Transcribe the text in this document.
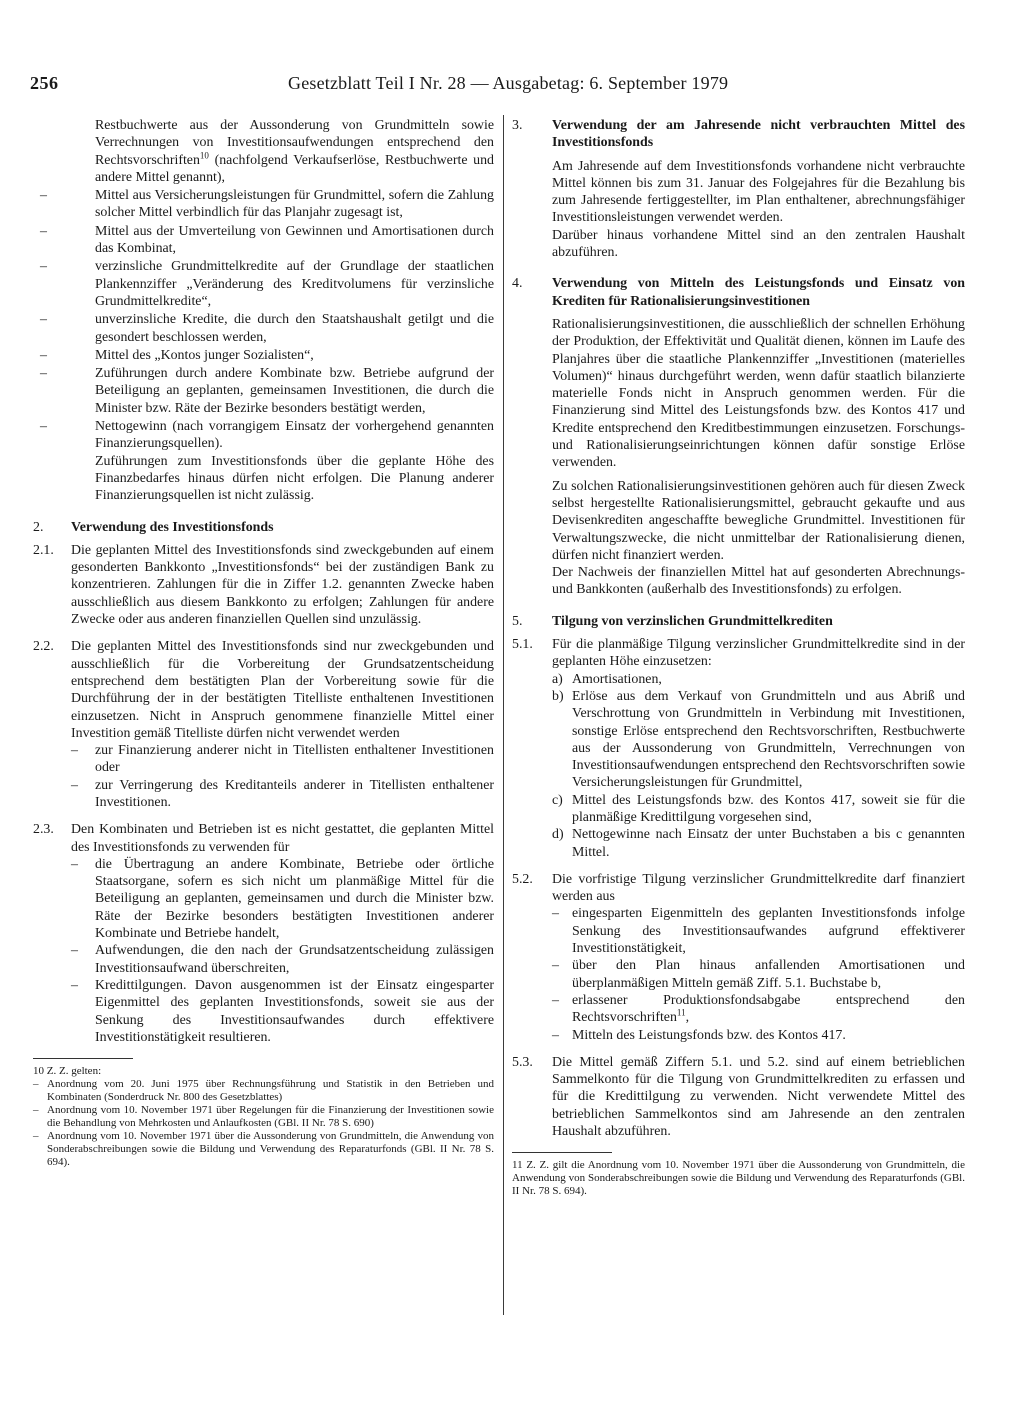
256	Gesetzblatt Teil I Nr. 28 — Ausgabetag: 6. September 1979

Restbuchwerte aus der Aussonderung von Grundmitteln sowie Verrechnungen von Investitionsaufwendungen entsprechend den Rechtsvorschriften$^{10}$ (nachfolgend Verkaufserlöse, Restbuchwerte und andere Mittel genannt),

–	Mittel aus Versicherungsleistungen für Grundmittel, sofern die Zahlung solcher Mittel verbindlich für das Planjahr zugesagt ist,
–	Mittel aus der Umverteilung von Gewinnen und Amortisationen durch das Kombinat,
–	verzinsliche Grundmittelkredite auf der Grundlage der staatlichen Plankennziffer „Veränderung des Kreditvolumens für verzinsliche Grundmittelkredite“,
–	unverzinsliche Kredite, die durch den Staatshaushalt getilgt und die gesondert beschlossen werden,
–	Mittel des „Kontos junger Sozialisten“,
–	Zuführungen durch andere Kombinate bzw. Betriebe aufgrund der Beteiligung an geplanten, gemeinsamen Investitionen, die durch die Minister bzw. Räte der Bezirke besonders bestätigt werden,
–	Nettogewinn (nach vorrangigem Einsatz der vorhergehend genannten Finanzierungsquellen).

Zuführungen zum Investitionsfonds über die geplante Höhe des Finanzbedarfes hinaus dürfen nicht erfolgen. Die Planung anderer Finanzierungsquellen ist nicht zulässig.

2. Verwendung des Investitionsfonds
2.1. Die geplanten Mittel des Investitionsfonds sind zweckgebunden auf einem gesonderten Bankkonto „Investitionsfonds“ bei der zuständigen Bank zu konzentrieren. Zahlungen für die in Ziffer 1.2. genannten Zwecke haben ausschließlich aus diesem Bankkonto zu erfolgen; Zahlungen für andere Zwecke oder aus anderen finanziellen Quellen sind unzulässig.
2.2. Die geplanten Mittel des Investitionsfonds sind nur zweckgebunden und ausschließlich für die Vorbereitung der Grundsatzentscheidung entsprechend dem bestätigten Plan der Vorbereitung sowie für die Durchführung der in der bestätigten Titelliste enthaltenen Investitionen einzusetzen. Nicht in Anspruch genommene finanzielle Mittel einer Investition gemäß Titelliste dürfen nicht verwendet werden
– zur Finanzierung anderer nicht in Titellisten enthaltener Investitionen oder
– zur Verringerung des Kreditanteils anderer in Titellisten enthaltener Investitionen.
2.3. Den Kombinaten und Betrieben ist es nicht gestattet, die geplanten Mittel des Investitionsfonds zu verwenden für
– die Übertragung an andere Kombinate, Betriebe oder örtliche Staatsorgane, sofern es sich nicht um planmäßige Mittel für die Beteiligung an geplanten, gemeinsamen und durch die Minister bzw. Räte der Bezirke besonders bestätigten Investitionen anderer Kombinate und Betriebe handelt,
– Aufwendungen, die den nach der Grundsatzentscheidung zulässigen Investitionsaufwand überschreiten,
– Kredittilgungen. Davon ausgenommen ist der Einsatz eingesparter Eigenmittel des geplanten Investitionsfonds, soweit sie aus der Senkung des Investitionsaufwandes durch effektivere Investitionstätigkeit resultieren.

10 Z. Z. gelten:

– Anordnung vom 20. Juni 1975 über Rechnungsführung und Statistik in den Betrieben und Kombinaten (Sonderdruck Nr. 800 des Gesetzblattes)
– Anordnung vom 10. November 1971 über Regelungen für die Finanzierung der Investitionen sowie die Behandlung von Mehrkosten und Anlaufkosten (GBl. II Nr. 78 S. 690)
– Anordnung vom 10. November 1971 über die Aussonderung von Grundmitteln, die Anwendung von Sonderabschreibungen sowie die Bildung und Verwendung des Reparaturfonds (GBl. II Nr. 78 S. 694).
3. Verwendung der am Jahresende nicht verbrauchten Mittel des Investitionsfonds

Am Jahresende auf dem Investitionsfonds vorhandene nicht verbrauchte Mittel können bis zum 31. Januar des Folgejahres für die Bezahlung bis zum Jahresende fertiggestellter, im Plan enthaltener, abrechnungsfähiger Investitionsleistungen verwendet werden.

Darüber hinaus vorhandene Mittel sind an den zentralen Haushalt abzuführen.

4. Verwendung von Mitteln des Leistungsfonds und Einsatz von Krediten für Rationalisierungsinvestitionen

Rationalisierungsinvestitionen, die ausschließlich der schnellen Erhöhung der Produktion, der Effektivität und Qualität dienen, können im Laufe des Planjahres über die staatliche Plankennziffer „Investitionen (materielles Volumen)“ hinaus durchgeführt werden, wenn dafür staatlich bilanzierte materielle Fonds nicht in Anspruch genommen werden. Für die Finanzierung sind Mittel des Leistungsfonds bzw. des Kontos 417 und Kredite entsprechend den Kreditbestimmungen einzusetzen. Forschungs- und Rationalisierungseinrichtungen können dafür sonstige Erlöse verwenden.

Zu solchen Rationalisierungsinvestitionen gehören auch für diesen Zweck selbst hergestellte Rationalisierungsmittel, gebraucht gekaufte und aus Devisenkrediten angeschaffte bewegliche Grundmittel. Investitionen für Verwaltungszwecke, die nicht unmittelbar der Rationalisierung dienen, dürfen nicht finanziert werden.

Der Nachweis der finanziellen Mittel hat auf gesonderten Abrechnungs- und Bankkonten (außerhalb des Investitionsfonds) zu erfolgen.

5. Tilgung von verzinslichen Grundmittelkrediten
5.1. Für die planmäßige Tilgung verzinslicher Grundmittelkredite sind in der geplanten Höhe einzusetzen:
a) Amortisationen,
b) Erlöse aus dem Verkauf von Grundmitteln und aus Abriß und Verschrottung von Grundmitteln in Verbindung mit Investitionen, sonstige Erlöse entsprechend den Rechtsvorschriften, Restbuchwerte aus der Aussonderung von Grundmitteln, Verrechnungen von Investitionsaufwendungen entsprechend den Rechtsvorschriften sowie Versicherungsleistungen für Grundmittel,
c) Mittel des Leistungsfonds bzw. des Kontos 417, soweit sie für die planmäßige Kredittilgung vorgesehen sind,
d) Nettogewinne nach Einsatz der unter Buchstaben a bis c genannten Mittel.
5.2. Die vorfristige Tilgung verzinslicher Grundmittelkredite darf finanziert werden aus
– eingesparten Eigenmitteln des geplanten Investitionsfonds infolge Senkung des Investitionsaufwandes aufgrund effektiverer Investitionstätigkeit,
– über den Plan hinaus anfallenden Amortisationen und überplanmäßigen Mitteln gemäß Ziff. 5.1. Buchstabe b,
– erlassener Produktionsfondsabgabe entsprechend den Rechtsvorschriften$^{11}$,
– Mitteln des Leistungsfonds bzw. des Kontos 417.
5.3. Die Mittel gemäß Ziffern 5.1. und 5.2. sind auf einem betrieblichen Sammelkonto für die Tilgung von Grundmittelkrediten zu erfassen und für die Kredittilgung zu verwenden. Nicht verwendete Mittel des betrieblichen Sammelkontos sind am Jahresende an den zentralen Haushalt abzuführen.

11 Z. Z. gilt die Anordnung vom 10. November 1971 über die Aussonderung von Grundmitteln, die Anwendung von Sonderabschreibungen sowie die Bildung und Verwendung des Reparaturfonds (GBl. II Nr. 78 S. 694).
